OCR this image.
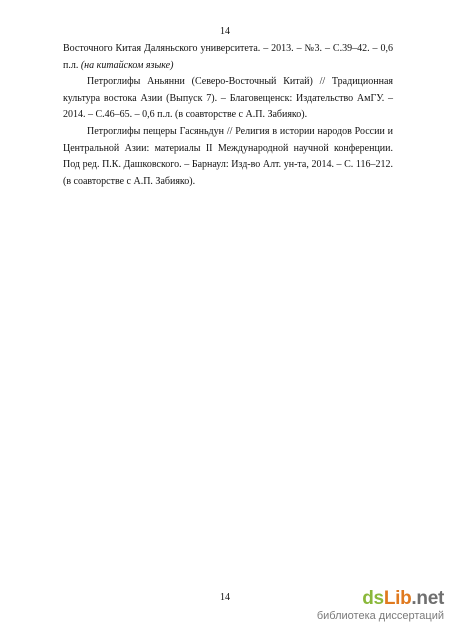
14

Восточного Китая Даляньского университета. – 2013. – №3. – С.39–42. – 0,6 п.л. (на китайском языке)

Петроглифы Аньянни (Северо-Восточный Китай) // Традиционная культура востока Азии (Выпуск 7). – Благовещенск: Издательство АмГУ. – 2014. – С.46–65. – 0,6 п.л. (в соавторстве с А.П. Забияко).

Петроглифы пещеры Гасяньдун // Религия в истории народов России и Центральной Азии: материалы II Международной научной конференции. Под ред. П.К. Дашковского. – Барнаул: Изд-во Алт. ун-та, 2014. – С. 116–212. (в соавторстве с А.П. Забияко).

14	dsLib.net
библиотека диссертаций
